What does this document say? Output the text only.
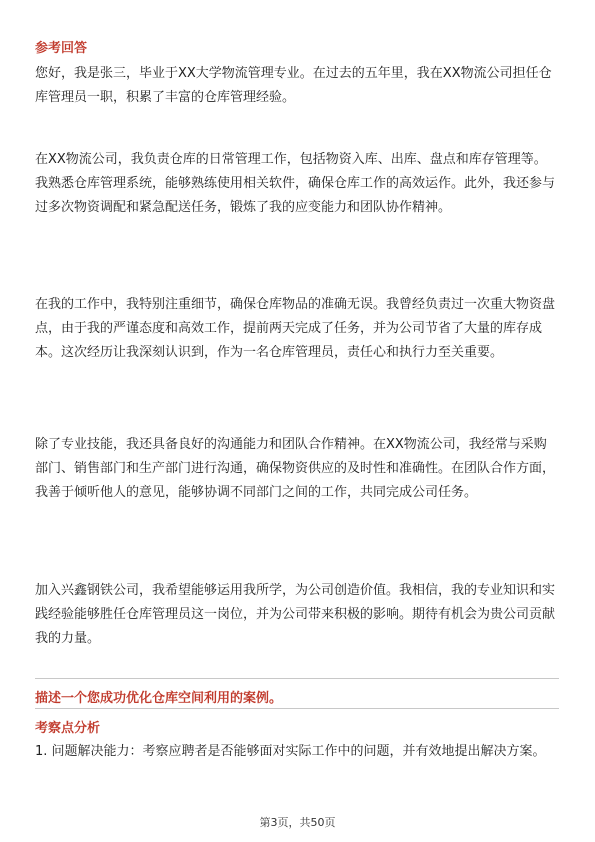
参考回答

您好，我是张三，毕业于XX大学物流管理专业。在过去的五年里，我在XX物流公司担任仓库管理员一职，积累了丰富的仓库管理经验。

在XX物流公司，我负责仓库的日常管理工作，包括物资入库、出库、盘点和库存管理等。我熟悉仓库管理系统，能够熟练使用相关软件，确保仓库工作的高效运作。此外，我还参与过多次物资调配和紧急配送任务，锻炼了我的应变能力和团队协作精神。

在我的工作中，我特别注重细节，确保仓库物品的准确无误。我曾经负责过一次重大物资盘点，由于我的严谨态度和高效工作，提前两天完成了任务，并为公司节省了大量的库存成本。这次经历让我深刻认识到，作为一名仓库管理员，责任心和执行力至关重要。

除了专业技能，我还具备良好的沟通能力和团队合作精神。在XX物流公司，我经常与采购部门、销售部门和生产部门进行沟通，确保物资供应的及时性和准确性。在团队合作方面，我善于倾听他人的意见，能够协调不同部门之间的工作，共同完成公司任务。

加入兴鑫钢铁公司，我希望能够运用我所学，为公司创造价值。我相信，我的专业知识和实践经验能够胜任仓库管理员这一岗位，并为公司带来积极的影响。期待有机会为贵公司贡献我的力量。

描述一个您成功优化仓库空间利用的案例。
考察点分析

1. 问题解决能力：考察应聘者是否能够面对实际工作中的问题，并有效地提出解决方案。

第3页，共50页
